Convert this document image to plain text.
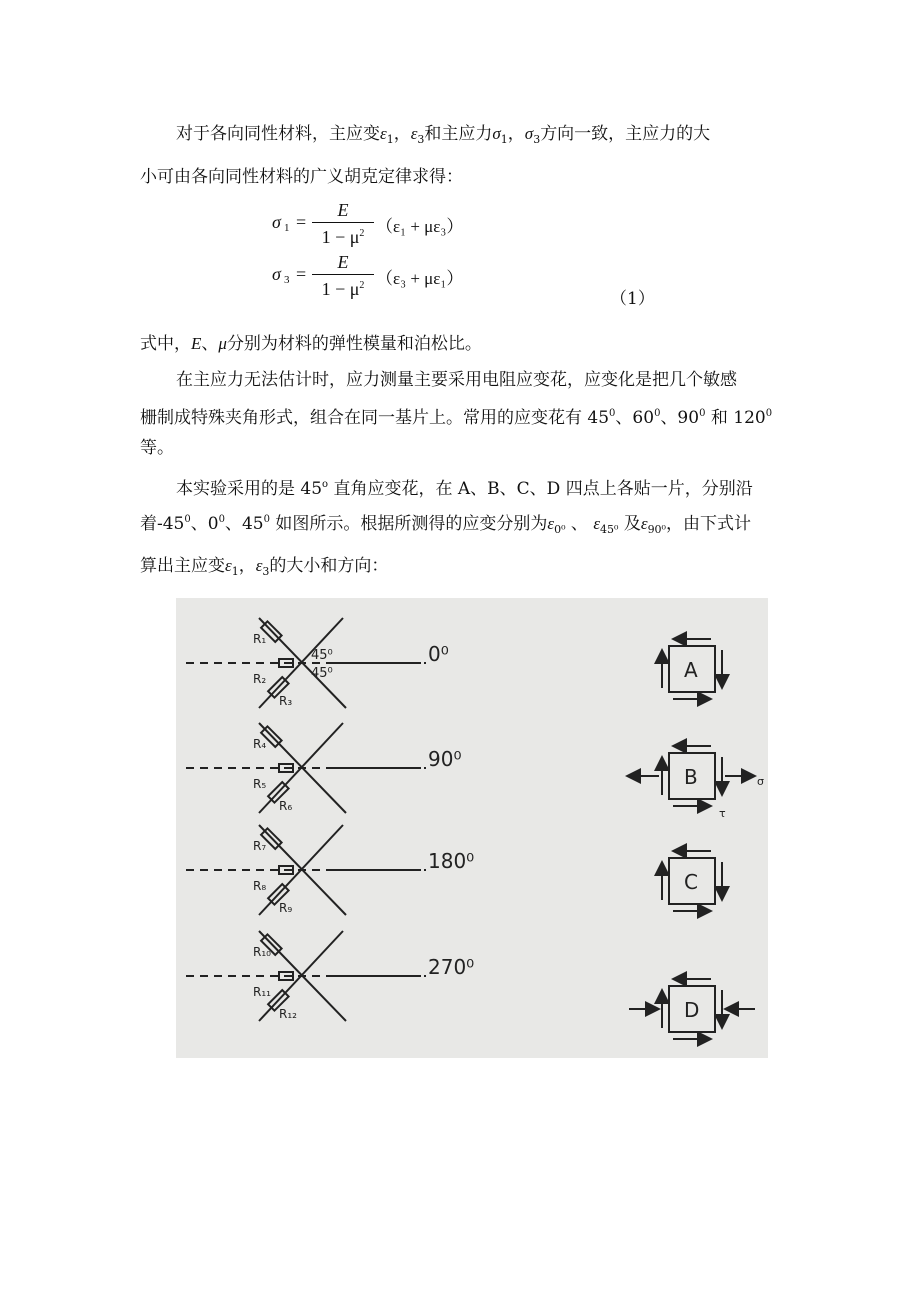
对于各向同性材料，主应变$\varepsilon_1$，$\varepsilon_3$和主应力$\sigma_1$，$\sigma_3$方向一致，主应力的大
小可由各向同性材料的广义胡克定律求得：
σ $1 = \frac{E}{1 - \mu^2} (\varepsilon_1 + \mu\varepsilon_3)$
σ $3 = \frac{E}{1 - \mu^2} (\varepsilon_3 + \mu\varepsilon_1)$
（1）
式中，E、μ分别为材料的弹性模量和泊松比。
在主应力无法估计时，应力测量主要采用电阻应变花，应变化是把几个敏感
栅制成特殊夹角形式，组合在同一基片上。常用的应变花有 $45^0$、$60^0$、$90^0$ 和 $120^0$
等。
本实验采用的是 45$^o$ 直角应变花，在 A、B、C、D 四点上各贴一片，分别沿
着$-45^0$、$0^0$、$45^0$ 如图所示。根据所测得的应变分别为$\varepsilon_{0^0}$ 、 $\varepsilon_{45^0}$ 及$\varepsilon_{90^0}$，由下式计
算出主应变$\varepsilon_1$，$\varepsilon_3$的大小和方向：
R₁
R₂
R₃
0⁰
45⁰
45⁰	A
R₄
R₅
R₆
90⁰
B	σ
τ
R₇
R₈
R₉
180⁰
C
R₁₀
R₁₁
R₁₂
270⁰
D
